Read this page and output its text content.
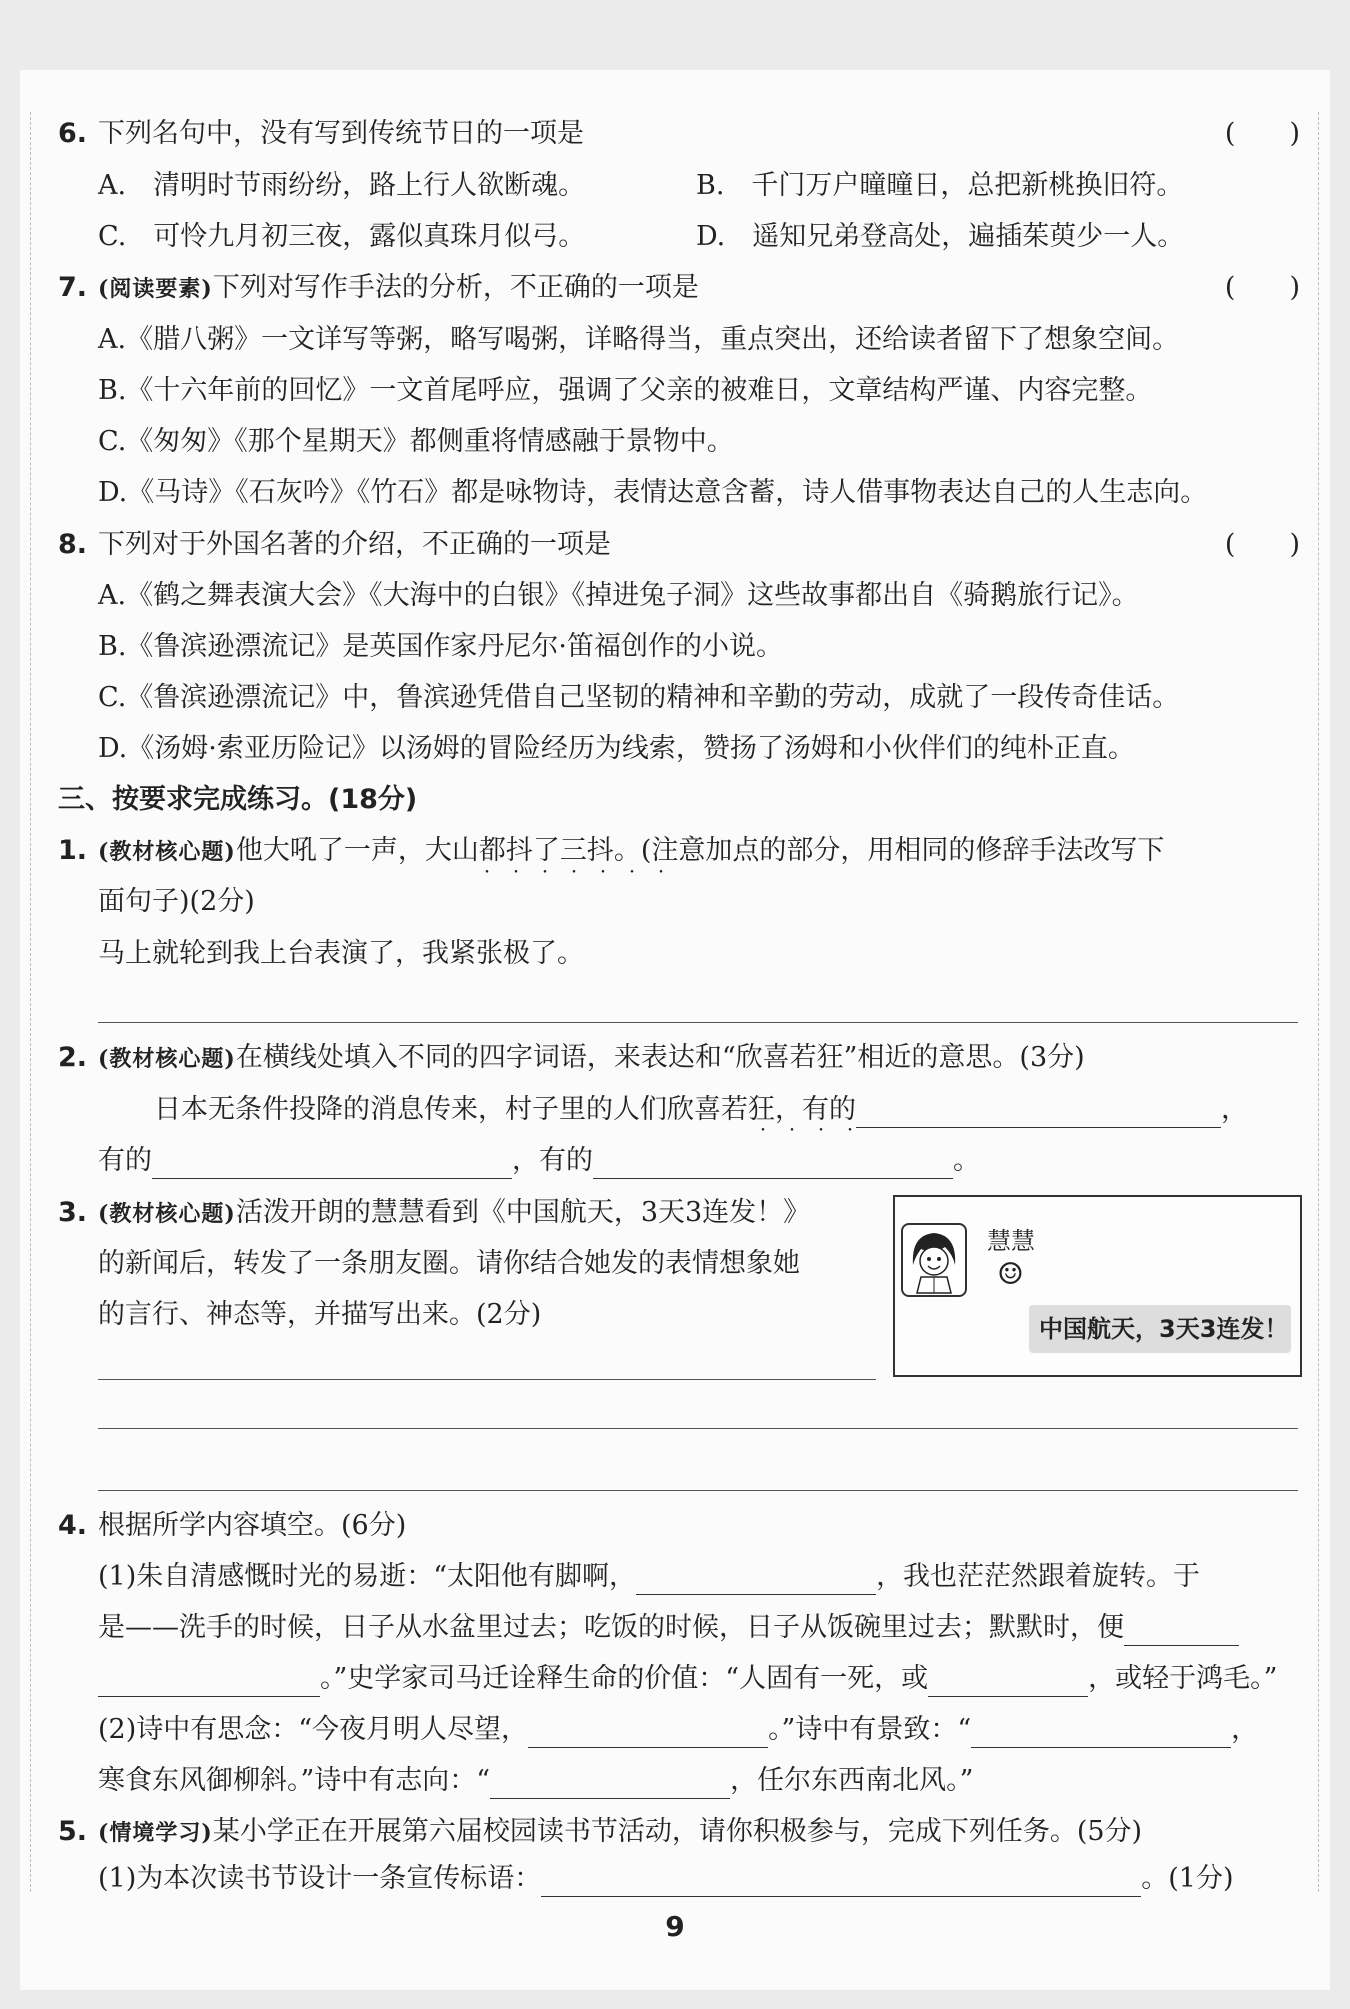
6. 下列名句中，没有写到传统节日的一项是	(　　)
A.　清明时节雨纷纷，路上行人欲断魂。	B.　千门万户曈曈日，总把新桃换旧符。
C.　可怜九月初三夜，露似真珠月似弓。	D.　遥知兄弟登高处，遍插茱萸少一人。
7. (阅读要素)下列对写作手法的分析，不正确的一项是	(　　)
A.《腊八粥》一文详写等粥，略写喝粥，详略得当，重点突出，还给读者留下了想象空间。
B.《十六年前的回忆》一文首尾呼应，强调了父亲的被难日，文章结构严谨、内容完整。
C.《匆匆》《那个星期天》都侧重将情感融于景物中。
D.《马诗》《石灰吟》《竹石》都是咏物诗，表情达意含蓄，诗人借事物表达自己的人生志向。
8. 下列对于外国名著的介绍，不正确的一项是	(　　)
A.《鹤之舞表演大会》《大海中的白银》《掉进兔子洞》这些故事都出自《骑鹅旅行记》。
B.《鲁滨逊漂流记》是英国作家丹尼尔·笛福创作的小说。
C.《鲁滨逊漂流记》中，鲁滨逊凭借自己坚韧的精神和辛勤的劳动，成就了一段传奇佳话。
D.《汤姆·索亚历险记》以汤姆的冒险经历为线索，赞扬了汤姆和小伙伴们的纯朴正直。
三、按要求完成练习。(18分)
1. (教材核心题)他大吼了一声，大山都抖了三抖。(注意加点的部分，用相同的修辞手法改写下
・・・・・・・
面句子)(2分)
马上就轮到我上台表演了，我紧张极了。
2. (教材核心题)在横线处填入不同的四字词语，来表达和“欣喜若狂”相近的意思。(3分)
日本无条件投降的消息传来，村子里的人们欣喜若狂，有的	，
・・・・
有的	，有的	。
3. (教材核心题)活泼开朗的慧慧看到《中国航天，3天3连发！》
的新闻后，转发了一条朋友圈。请你结合她发的表情想象她
的言行、神态等，并描写出来。(2分)
慧慧
☺
中国航天，3天3连发！
4. 根据所学内容填空。(6分)
(1)朱自清感慨时光的易逝：“太阳他有脚啊，	，我也茫茫然跟着旋转。于
是——洗手的时候，日子从水盆里过去；吃饭的时候，日子从饭碗里过去；默默时，便
。”史学家司马迁诠释生命的价值：“人固有一死，或	，或轻于鸿毛。”
(2)诗中有思念：“今夜月明人尽望，	。”诗中有景致：“	，
寒食东风御柳斜。”诗中有志向：“	，任尔东西南北风。”
5. (情境学习)某小学正在开展第六届校园读书节活动，请你积极参与，完成下列任务。(5分)
(1)为本次读书节设计一条宣传标语：	。(1分)
9
